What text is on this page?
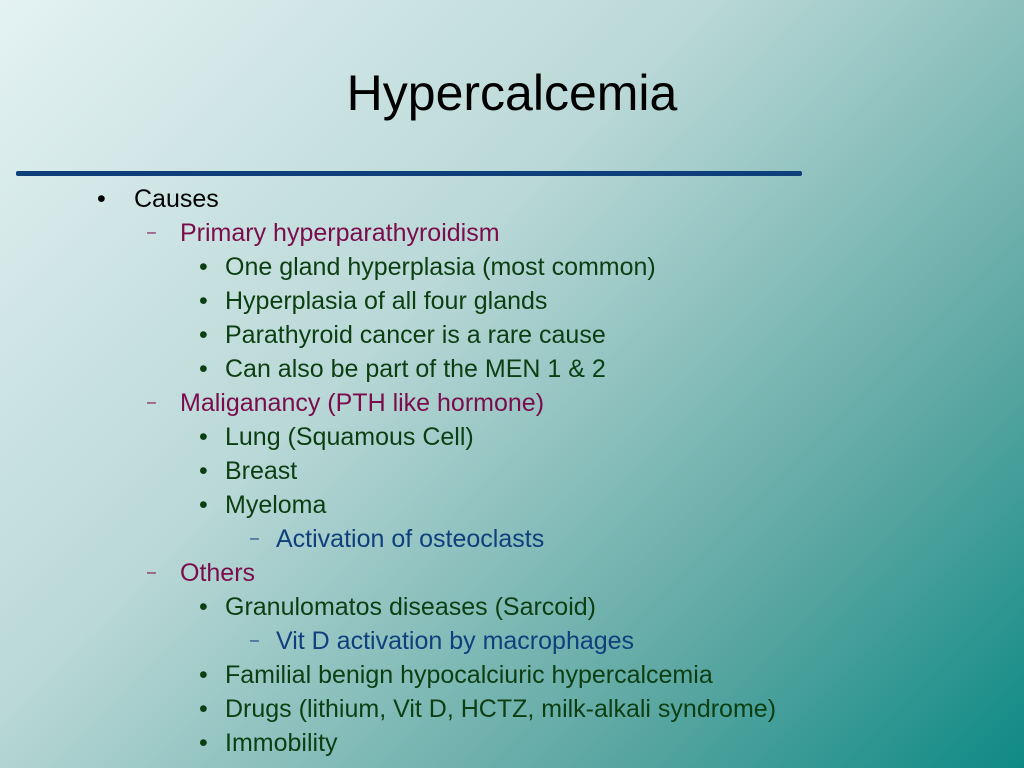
Hypercalcemia
• Causes
– Primary hyperparathyroidism
• One gland hyperplasia (most common)
• Hyperplasia of all four glands
• Parathyroid cancer is a rare cause
• Can also be part of the MEN 1 & 2
– Maliganancy (PTH like hormone)
• Lung (Squamous Cell)
• Breast
• Myeloma
– Activation of osteoclasts
– Others
• Granulomatos diseases (Sarcoid)
– Vit D activation by macrophages
• Familial benign hypocalciuric hypercalcemia
• Drugs (lithium, Vit D, HCTZ, milk-alkali syndrome)
• Immobility
